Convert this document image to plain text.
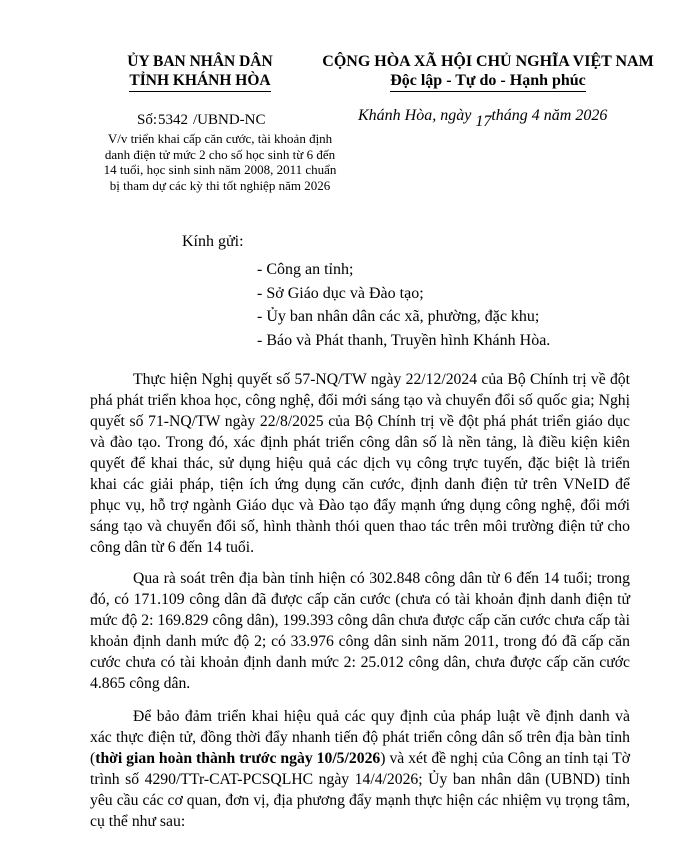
ỦY BAN NHÂN DÂN
TỈNH KHÁNH HÒA
CỘNG HÒA XÃ HỘI CHỦ NGHĨA VIỆT NAM
Độc lập - Tự do - Hạnh phúc
Số:5342 /UBND-NC
V/v triển khai cấp căn cước, tài khoản định danh điện tử mức 2 cho số học sinh từ 6 đến 14 tuổi, học sinh sinh năm 2008, 2011 chuẩn bị tham dự các kỳ thi tốt nghiệp năm 2026
Khánh Hòa, ngày 17tháng 4 năm 2026
Kính gửi:
- Công an tỉnh;
- Sở Giáo dục và Đào tạo;
- Ủy ban nhân dân các xã, phường, đặc khu;
- Báo và Phát thanh, Truyền hình Khánh Hòa.

Thực hiện Nghị quyết số 57-NQ/TW ngày 22/12/2024 của Bộ Chính trị về đột phá phát triển khoa học, công nghệ, đổi mới sáng tạo và chuyển đổi số quốc gia; Nghị quyết số 71-NQ/TW ngày 22/8/2025 của Bộ Chính trị về đột phá phát triển giáo dục và đào tạo. Trong đó, xác định phát triển công dân số là nền tảng, là điều kiện kiên quyết để khai thác, sử dụng hiệu quả các dịch vụ công trực tuyến, đặc biệt là triển khai các giải pháp, tiện ích ứng dụng căn cước, định danh điện tử trên VNeID để phục vụ, hỗ trợ ngành Giáo dục và Đào tạo đẩy mạnh ứng dụng công nghệ, đổi mới sáng tạo và chuyển đổi số, hình thành thói quen thao tác trên môi trường điện tử cho công dân từ 6 đến 14 tuổi.

Qua rà soát trên địa bàn tỉnh hiện có 302.848 công dân từ 6 đến 14 tuổi; trong đó, có 171.109 công dân đã được cấp căn cước (chưa có tài khoản định danh điện tử mức độ 2: 169.829 công dân), 199.393 công dân chưa được cấp căn cước chưa cấp tài khoản định danh mức độ 2; có 33.976 công dân sinh năm 2011, trong đó đã cấp căn cước chưa có tài khoản định danh mức 2: 25.012 công dân, chưa được cấp căn cước 4.865 công dân.

Để bảo đảm triển khai hiệu quả các quy định của pháp luật về định danh và xác thực điện tử, đồng thời đẩy nhanh tiến độ phát triển công dân số trên địa bàn tỉnh (thời gian hoàn thành trước ngày 10/5/2026) và xét đề nghị của Công an tỉnh tại Tờ trình số 4290/TTr-CAT-PCSQLHC ngày 14/4/2026; Ủy ban nhân dân (UBND) tỉnh yêu cầu các cơ quan, đơn vị, địa phương đẩy mạnh thực hiện các nhiệm vụ trọng tâm, cụ thể như sau:
